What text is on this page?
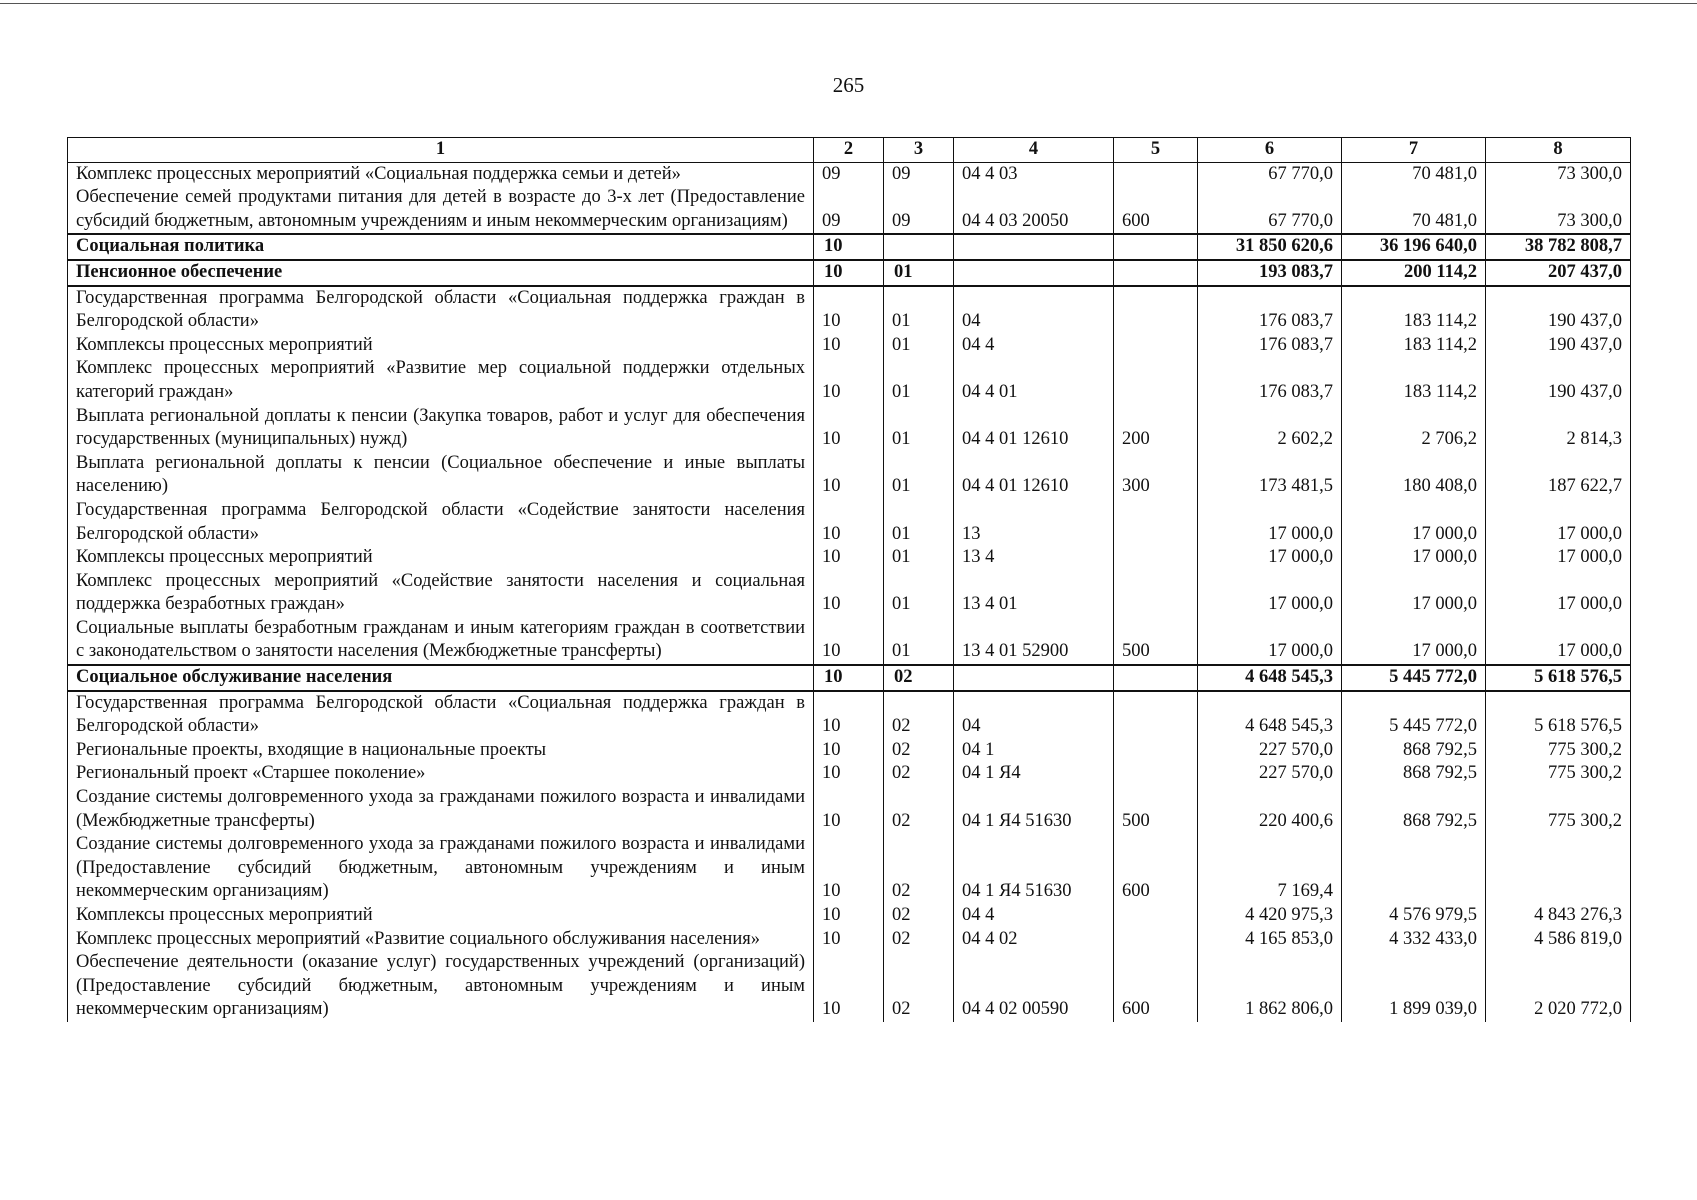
265
1	2	3	4	5	6	7	8
Комплекс процессных мероприятий «Социальная поддержка семьи и детей»	09	09	04 4 03		67 770,0	70 481,0	73 300,0
Обеспечение семей продуктами питания для детей в возрасте до 3-х лет (Предоставление субсидий бюджетным, автономным учреждениям и иным некоммерческим организациям)	09	09	04 4 03 20050	600	67 770,0	70 481,0	73 300,0
Социальная политика	10				31 850 620,6	36 196 640,0	38 782 808,7
Пенсионное обеспечение	10	01			193 083,7	200 114,2	207 437,0
Государственная программа Белгородской области «Социальная поддержка граждан в Белгородской области»	10	01	04		176 083,7	183 114,2	190 437,0
Комплексы процессных мероприятий	10	01	04 4		176 083,7	183 114,2	190 437,0
Комплекс процессных мероприятий «Развитие мер социальной поддержки отдельных категорий граждан»	10	01	04 4 01		176 083,7	183 114,2	190 437,0
Выплата региональной доплаты к пенсии (Закупка товаров, работ и услуг для обеспечения государственных (муниципальных) нужд)	10	01	04 4 01 12610	200	2 602,2	2 706,2	2 814,3
Выплата региональной доплаты к пенсии (Социальное обеспечение и иные выплаты населению)	10	01	04 4 01 12610	300	173 481,5	180 408,0	187 622,7
Государственная программа Белгородской области «Содействие занятости населения Белгородской области»	10	01	13		17 000,0	17 000,0	17 000,0
Комплексы процессных мероприятий	10	01	13 4		17 000,0	17 000,0	17 000,0
Комплекс процессных мероприятий «Содействие занятости населения и социальная поддержка безработных граждан»	10	01	13 4 01		17 000,0	17 000,0	17 000,0
Социальные выплаты безработным гражданам и иным категориям граждан в соответствии с законодательством о занятости населения (Межбюджетные трансферты)	10	01	13 4 01 52900	500	17 000,0	17 000,0	17 000,0
Социальное обслуживание населения	10	02			4 648 545,3	5 445 772,0	5 618 576,5
Государственная программа Белгородской области «Социальная поддержка граждан в Белгородской области»	10	02	04		4 648 545,3	5 445 772,0	5 618 576,5
Региональные проекты, входящие в национальные проекты	10	02	04 1		227 570,0	868 792,5	775 300,2
Региональный проект «Старшее поколение»	10	02	04 1 Я4		227 570,0	868 792,5	775 300,2
Создание системы долговременного ухода за гражданами пожилого возраста и инвалидами (Межбюджетные трансферты)	10	02	04 1 Я4 51630	500	220 400,6	868 792,5	775 300,2
Создание системы долговременного ухода за гражданами пожилого возраста и инвалидами (Предоставление субсидий бюджетным, автономным учреждениям и иным некоммерческим организациям)	10	02	04 1 Я4 51630	600	7 169,4		
Комплексы процессных мероприятий	10	02	04 4		4 420 975,3	4 576 979,5	4 843 276,3
Комплекс процессных мероприятий «Развитие социального обслуживания населения»	10	02	04 4 02		4 165 853,0	4 332 433,0	4 586 819,0
Обеспечение деятельности (оказание услуг) государственных учреждений (организаций) (Предоставление субсидий бюджетным, автономным учреждениям и иным некоммерческим организациям)	10	02	04 4 02 00590	600	1 862 806,0	1 899 039,0	2 020 772,0
